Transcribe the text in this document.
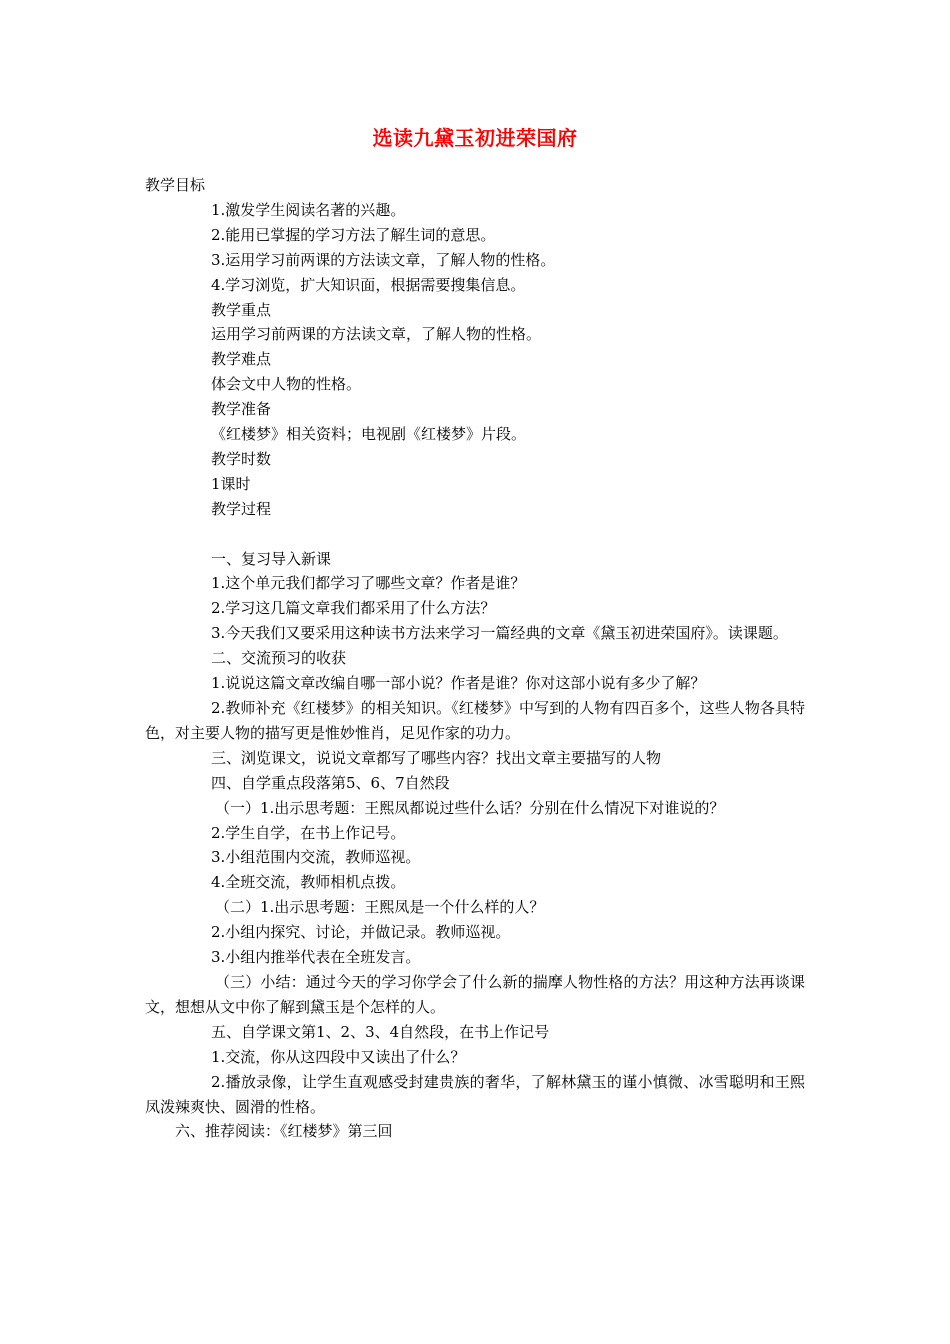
选读九黛玉初进荣国府
教学目标
1.激发学生阅读名著的兴趣。
2.能用已掌握的学习方法了解生词的意思。
3.运用学习前两课的方法读文章，了解人物的性格。
4.学习浏览，扩大知识面，根据需要搜集信息。
教学重点
运用学习前两课的方法读文章，了解人物的性格。
教学难点
体会文中人物的性格。
教学准备
《红楼梦》相关资料；电视剧《红楼梦》片段。
教学时数
1课时
教学过程
一、复习导入新课
1.这个单元我们都学习了哪些文章？作者是谁？
2.学习这几篇文章我们都采用了什么方法？
3.今天我们又要采用这种读书方法来学习一篇经典的文章《黛玉初进荣国府》。读课题。
二、交流预习的收获
1.说说这篇文章改编自哪一部小说？作者是谁？你对这部小说有多少了解？
2.教师补充《红楼梦》的相关知识。《红楼梦》中写到的人物有四百多个，这些人物各具特色，对主要人物的描写更是惟妙惟肖，足见作家的功力。
三、浏览课文，说说文章都写了哪些内容？找出文章主要描写的人物
四、自学重点段落第5、6、7自然段
（一）1.出示思考题：王熙凤都说过些什么话？分别在什么情况下对谁说的？
2.学生自学，在书上作记号。
3.小组范围内交流，教师巡视。
4.全班交流，教师相机点拨。
（二）1.出示思考题：王熙凤是一个什么样的人？
2.小组内探究、讨论，并做记录。教师巡视。
3.小组内推举代表在全班发言。
（三）小结：通过今天的学习你学会了什么新的揣摩人物性格的方法？用这种方法再谈课文，想想从文中你了解到黛玉是个怎样的人。
五、自学课文第1、2、3、4自然段，在书上作记号
1.交流，你从这四段中又读出了什么？
2.播放录像，让学生直观感受封建贵族的奢华，了解林黛玉的谨小慎微、冰雪聪明和王熙凤泼辣爽快、圆滑的性格。
六、推荐阅读：《红楼梦》第三回
